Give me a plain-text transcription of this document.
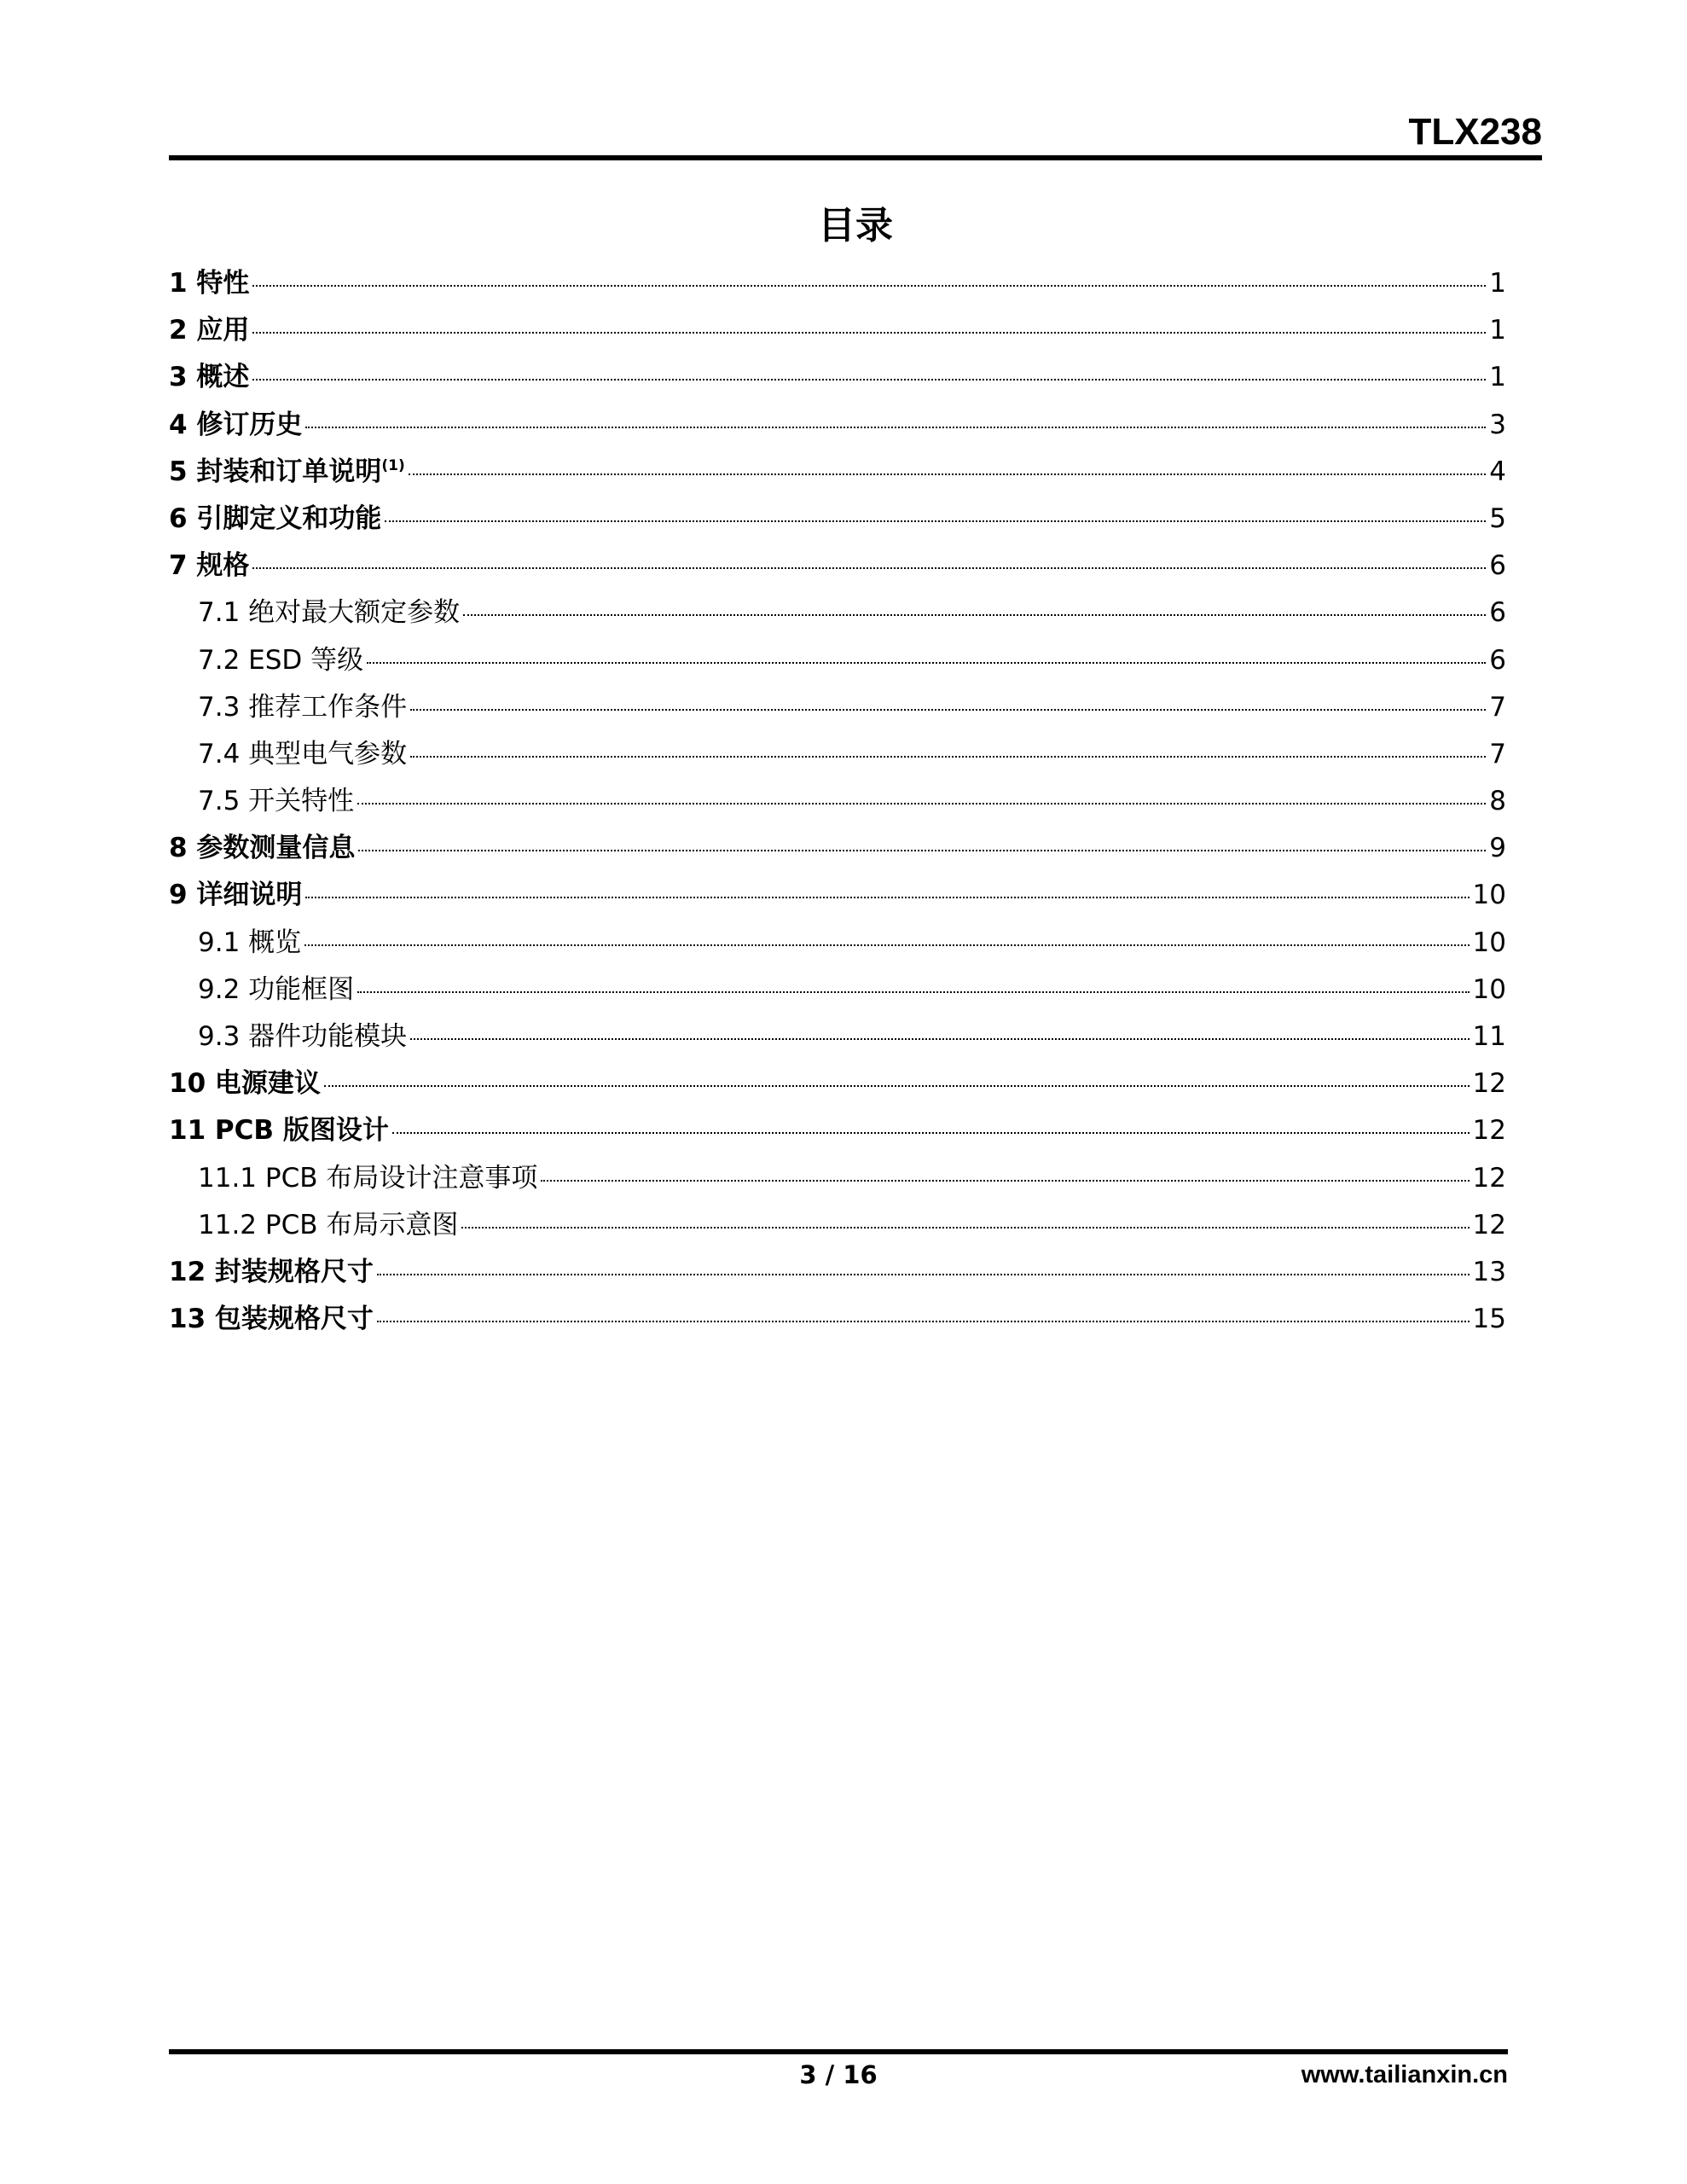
TLX238
目录
1 特性	1
2 应用	1
3 概述	1
4 修订历史	3
5 封装和订单说明$^{(1)}$	4
6 引脚定义和功能	5
7 规格	6
7.1 绝对最大额定参数	6
7.2 ESD 等级	6
7.3 推荐工作条件	7
7.4 典型电气参数	7
7.5 开关特性	8
8 参数测量信息	9
9 详细说明	10
9.1 概览	10
9.2 功能框图	10
9.3 器件功能模块	11
10 电源建议	12
11 PCB 版图设计	12
11.1 PCB 布局设计注意事项	12
11.2 PCB 布局示意图	12
12 封装规格尺寸	13
13 包装规格尺寸	15
3 / 16	www.tailianxin.cn
